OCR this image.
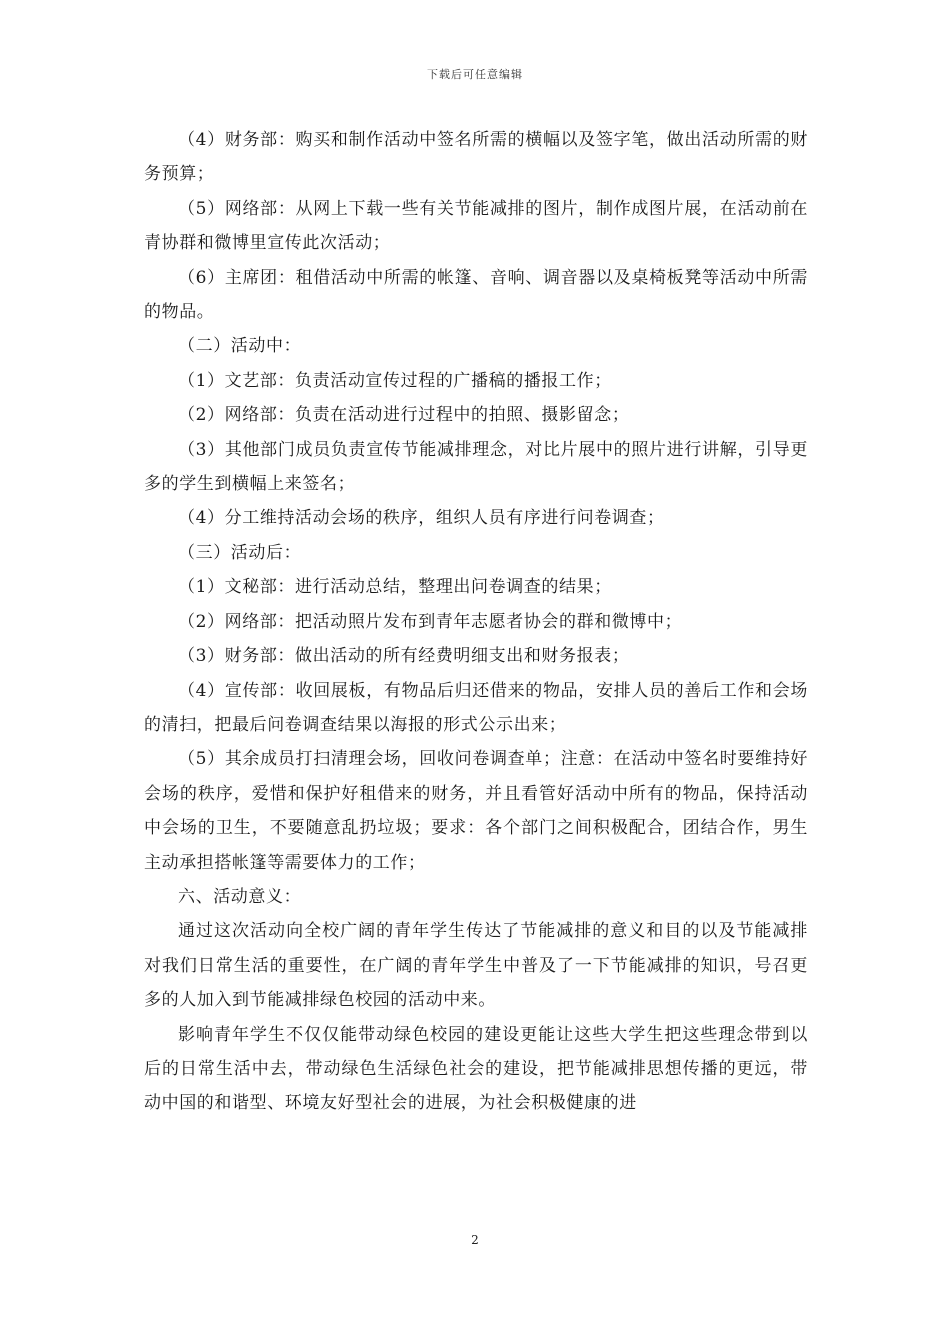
下载后可任意编辑

（4）财务部：购买和制作活动中签名所需的横幅以及签字笔，做出活动所需的财务预算；

（5）网络部：从网上下载一些有关节能减排的图片，制作成图片展，在活动前在青协群和微博里宣传此次活动；

（6）主席团：租借活动中所需的帐篷、音响、调音器以及桌椅板凳等活动中所需的物品。

（二）活动中：

（1）文艺部：负责活动宣传过程的广播稿的播报工作；

（2）网络部：负责在活动进行过程中的拍照、摄影留念；

（3）其他部门成员负责宣传节能减排理念，对比片展中的照片进行讲解，引导更多的学生到横幅上来签名；

（4）分工维持活动会场的秩序，组织人员有序进行问卷调查；

（三）活动后：

（1）文秘部：进行活动总结，整理出问卷调查的结果；

（2）网络部：把活动照片发布到青年志愿者协会的群和微博中；

（3）财务部：做出活动的所有经费明细支出和财务报表；

（4）宣传部：收回展板，有物品后归还借来的物品，安排人员的善后工作和会场的清扫，把最后问卷调查结果以海报的形式公示出来；

（5）其余成员打扫清理会场，回收问卷调查单；注意：在活动中签名时要维持好会场的秩序，爱惜和保护好租借来的财务，并且看管好活动中所有的物品，保持活动中会场的卫生，不要随意乱扔垃圾；要求：各个部门之间积极配合，团结合作，男生主动承担搭帐篷等需要体力的工作；

六、活动意义：

通过这次活动向全校广阔的青年学生传达了节能减排的意义和目的以及节能减排对我们日常生活的重要性，在广阔的青年学生中普及了一下节能减排的知识，号召更多的人加入到节能减排绿色校园的活动中来。

影响青年学生不仅仅能带动绿色校园的建设更能让这些大学生把这些理念带到以后的日常生活中去，带动绿色生活绿色社会的建设，把节能减排思想传播的更远，带动中国的和谐型、环境友好型社会的进展，为社会积极健康的进

2
